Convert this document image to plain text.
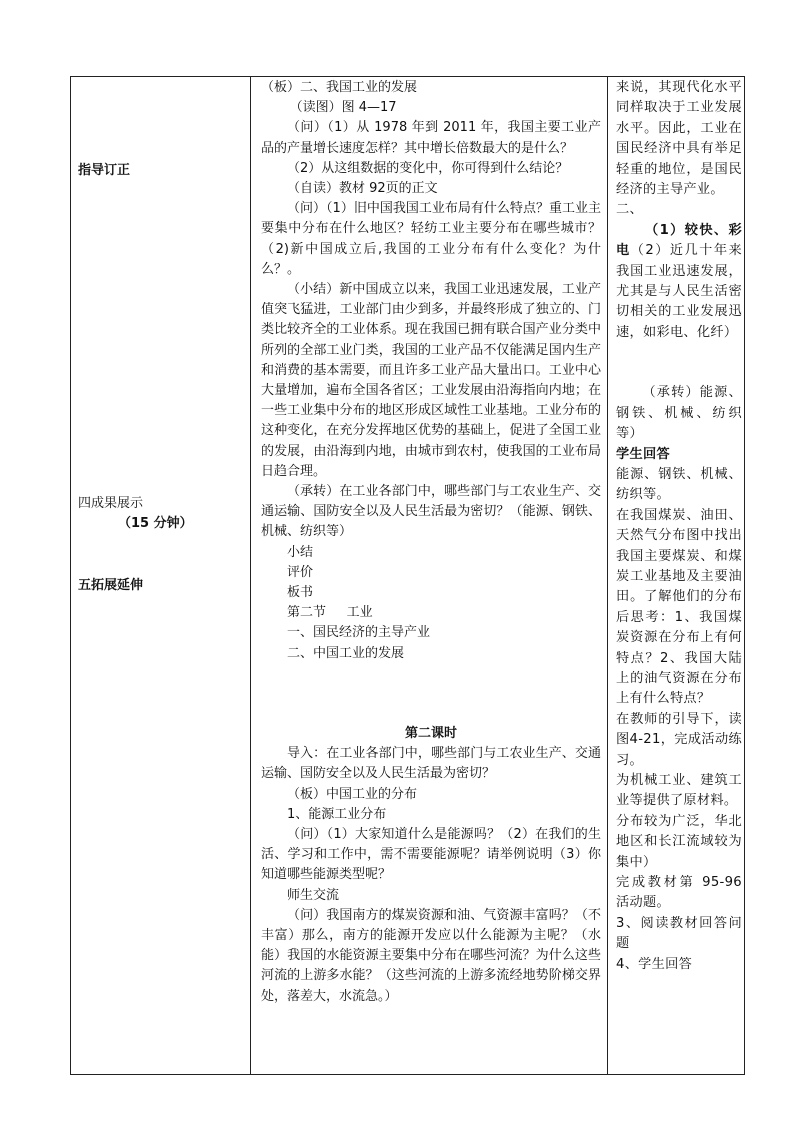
指导订正
四成果展示
（15 分钟）
五拓展延伸

（板）二、我国工业的发展

（读图）图 4—17

（问）（1）从 1978 年到 2011 年，我国主要工业产品的产量增长速度怎样？其中增长倍数最大的是什么？

（2）从这组数据的变化中，你可得到什么结论？

（自读）教材 92页的正文

（问）（1）旧中国我国工业布局有什么特点？重工业主要集中分布在什么地区？轻纺工业主要分布在哪些城市？（2)新中国成立后,我国的工业分布有什么变化？为什么？。

（小结）新中国成立以来，我国工业迅速发展，工业产值突飞猛进，工业部门由少到多，并最终形成了独立的、门类比较齐全的工业体系。现在我国已拥有联合国产业分类中所列的全部工业门类，我国的工业产品不仅能满足国内生产和消费的基本需要，而且许多工业产品大量出口。工业中心大量增加，遍布全国各省区；工业发展由沿海指向内地；在一些工业集中分布的地区形成区域性工业基地。工业分布的这种变化，在充分发挥地区优势的基础上，促进了全国工业的发展，由沿海到内地，由城市到农村，使我国的工业布局日趋合理。

（承转）在工业各部门中，哪些部门与工农业生产、交通运输、国防安全以及人民生活最为密切？（能源、钢铁、机械、纺织等）

小结

评价

板书

第二节     工业

一、国民经济的主导产业

二、中国工业的发展

第二课时

导入：在工业各部门中，哪些部门与工农业生产、交通运输、国防安全以及人民生活最为密切？

（板）中国工业的分布

1、能源工业分布

（问）（1）大家知道什么是能源吗？（2）在我们的生活、学习和工作中，需不需要能源呢？请举例说明（3）你知道哪些能源类型呢？

师生交流

（问）我国南方的煤炭资源和油、气资源丰富吗？（不丰富）那么，南方的能源开发应以什么能源为主呢？（水能）我国的水能资源主要集中分布在哪些河流？为什么这些河流的上游多水能？（这些河流的上游多流经地势阶梯交界处，落差大，水流急。）

来说，其现代化水平同样取决于工业发展水平。因此，工业在国民经济中具有举足轻重的地位，是国民经济的主导产业。

二、

（1）较快、彩电（2）近几十年来我国工业迅速发展，尤其是与人民生活密切相关的工业发展迅速，如彩电、化纤）

（承转）能源、钢铁、机械、纺织等）

学生回答

能源、钢铁、机械、纺织等。

在我国煤炭、油田、天然气分布图中找出我国主要煤炭、和煤炭工业基地及主要油田。了解他们的分布后思考：1、我国煤炭资源在分布上有何特点？2、我国大陆上的油气资源在分布上有什么特点？

在教师的引导下，读图4-21，完成活动练习。

为机械工业、建筑工业等提供了原材料。

分布较为广泛，华北地区和长江流域较为集中）

完成教材第 95-96 活动题。

3、阅读教材回答问题

4、学生回答
